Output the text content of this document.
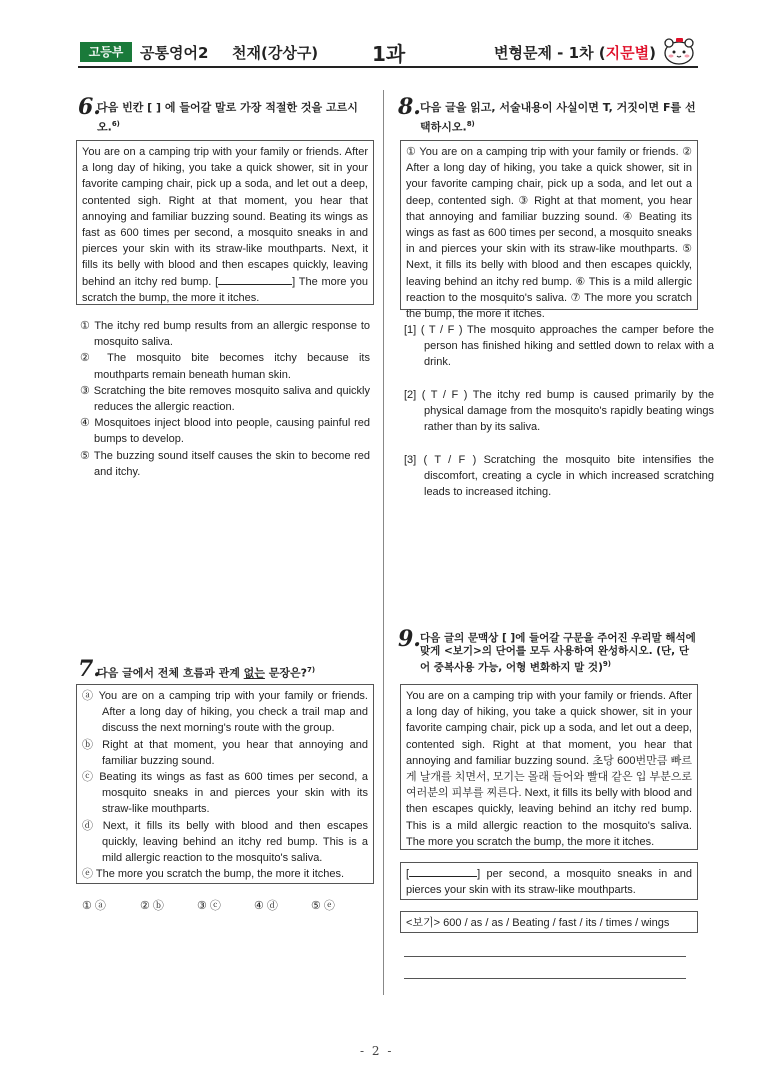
고등부	공통영어2 천재(강상구)	1과	변형문제 - 1차 (지문별)
6.
다음 빈칸 [ ] 에 들어갈 말로 가장 적절한 것을 고르시오.$^{6)}$
You are on a camping trip with your family or friends. After a long day of hiking, you take a quick shower, sit in your favorite camping chair, pick up a soda, and let out a deep, contented sigh. Right at that moment, you hear that annoying and familiar buzzing sound. Beating its wings as fast as 600 times per second, a mosquito sneaks in and pierces your skin with its straw-like mouthparts. Next, it fills its belly with blood and then escapes quickly, leaving behind an itchy red bump. [	] The more you scratch the bump, the more it itches.
① The itchy red bump results from an allergic response to mosquito saliva.
② The mosquito bite becomes itchy because its mouthparts remain beneath human skin.
③ Scratching the bite removes mosquito saliva and quickly reduces the allergic reaction.
④ Mosquitoes inject blood into people, causing painful red bumps to develop.
⑤ The buzzing sound itself causes the skin to become red and itchy.
7.
다음 글에서 전체 흐름과 관계 없는 문장은?$^{7)}$
ⓐ You are on a camping trip with your family or friends. After a long day of hiking, you check a trail map and discuss the next morning's route with the group.
ⓑ Right at that moment, you hear that annoying and familiar buzzing sound.
ⓒ Beating its wings as fast as 600 times per second, a mosquito sneaks in and pierces your skin with its straw-like mouthparts.
ⓓ Next, it fills its belly with blood and then escapes quickly, leaving behind an itchy red bump. This is a mild allergic reaction to the mosquito's saliva.
ⓔ The more you scratch the bump, the more it itches.
① ⓐ	② ⓑ	③ ⓒ	④ ⓓ	⑤ ⓔ
8. 다음 글을 읽고, 서술내용이 사실이면 T, 거짓이면 F를 선택하시오.$^{8)}$
① You are on a camping trip with your family or friends. ② After a long day of hiking, you take a quick shower, sit in your favorite camping chair, pick up a soda, and let out a deep, contented sigh. ③ Right at that moment, you hear that annoying and familiar buzzing sound. ④ Beating its wings as fast as 600 times per second, a mosquito sneaks in and pierces your skin with its straw-like mouthparts. ⑤ Next, it fills its belly with blood and then escapes quickly, leaving behind an itchy red bump. ⑥ This is a mild allergic reaction to the mosquito's saliva. ⑦ The more you scratch the bump, the more it itches.
[1] ( T / F ) The mosquito approaches the camper before the person has finished hiking and settled down to relax with a drink.
[2] ( T / F ) The itchy red bump is caused primarily by the physical damage from the mosquito's rapidly beating wings rather than by its saliva.
[3] ( T / F ) Scratching the mosquito bite intensifies the discomfort, creating a cycle in which increased scratching leads to increased itching.
9. 다음 글의 문맥상 [ ]에 들어갈 구문을 주어진 우리말 해석에 맞게 <보기>의 단어를 모두 사용하여 완성하시오. (단, 단어 중복사용 가능, 어형 변화하지 말 것)$^{9)}$
You are on a camping trip with your family or friends. After a long day of hiking, you take a quick shower, sit in your favorite camping chair, pick up a soda, and let out a deep, contented sigh. Right at that moment, you hear that annoying and familiar buzzing sound. 초당 600번만큼 빠르게 날개를 치면서, 모기는 몰래 들어와 빨대 같은 입 부분으로 여러분의 피부를 찌른다. Next, it fills its belly with blood and then escapes quickly, leaving behind an itchy red bump. This is a mild allergic reaction to the mosquito's saliva. The more you scratch the bump, the more it itches.
[	] per second, a mosquito sneaks in and pierces your skin with its straw-like mouthparts.
<보기> 600 / as / as / Beating / fast / its / times / wings
- 2 -
